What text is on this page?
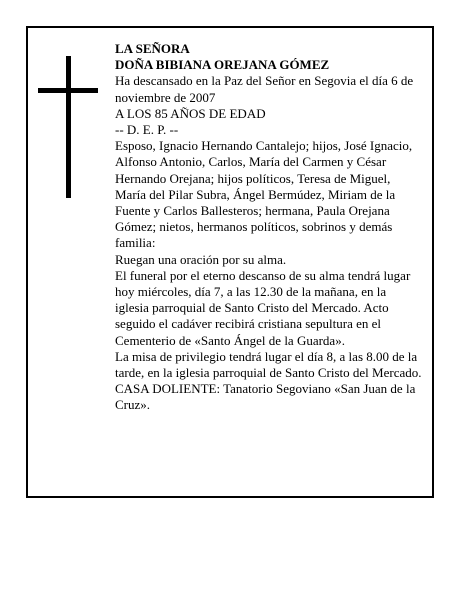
LA SEÑORA

DOÑA BIBIANA OREJANA GÓMEZ

Ha descansado en la Paz del Señor en Segovia el día 6 de noviembre de 2007

A LOS 85 AÑOS DE EDAD

-- D. E. P. --

Esposo, Ignacio Hernando Cantalejo; hijos, José Ignacio, Alfonso Antonio, Carlos, María del Carmen y César Hernando Orejana; hijos políticos, Teresa de Miguel, María del Pilar Subra, Ángel Bermúdez, Miriam de la Fuente y Carlos Ballesteros; hermana, Paula Orejana Gómez; nietos, hermanos políticos, sobrinos y demás familia:

Ruegan una oración por su alma.

El funeral por el eterno descanso de su alma tendrá lugar hoy miércoles, día 7, a las 12.30 de la mañana, en la iglesia parroquial de Santo Cristo del Mercado. Acto seguido el cadáver recibirá cristiana sepultura en el Cementerio de «Santo Ángel de la Guarda».

La misa de privilegio tendrá lugar el día 8, a las 8.00 de la tarde, en la iglesia parroquial de Santo Cristo del Mercado.

CASA DOLIENTE: Tanatorio Segoviano «San Juan de la Cruz».
